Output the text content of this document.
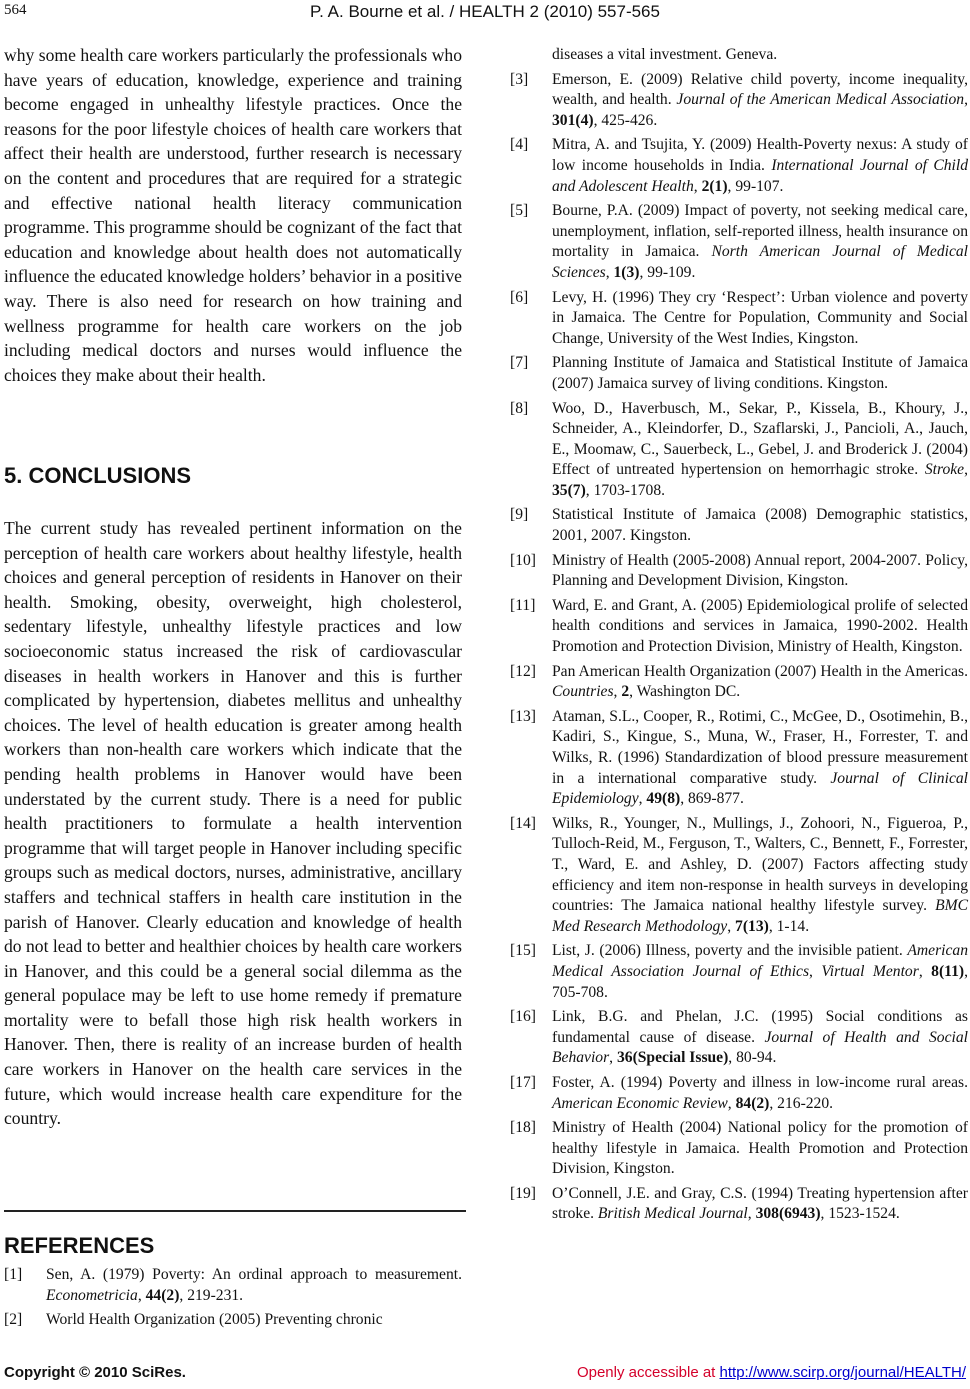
564	P. A. Bourne et al. / HEALTH 2 (2010) 557-565

why some health care workers particularly the professionals who have years of education, knowledge, experience and training become engaged in unhealthy lifestyle practices. Once the reasons for the poor lifestyle choices of health care workers that affect their health are understood, further research is necessary on the content and procedures that are required for a strategic and effective national health literacy communication programme. This programme should be cognizant of the fact that education and knowledge about health does not automatically influence the educated knowledge holders’ behavior in a positive way. There is also need for research on how training and wellness programme for health care workers on the job including medical doctors and nurses would influence the choices they make about their health.

5. CONCLUSIONS

The current study has revealed pertinent information on the perception of health care workers about healthy lifestyle, health choices and general perception of residents in Hanover on their health. Smoking, obesity, overweight, high cholesterol, sedentary lifestyle, unhealthy lifestyle practices and low socioeconomic status increased the risk of cardiovascular diseases in health workers in Hanover and this is further complicated by hypertension, diabetes mellitus and unhealthy choices. The level of health education is greater among health workers than non-health care workers which indicate that the pending health problems in Hanover would have been understated by the current study. There is a need for public health practitioners to formulate a health intervention programme that will target people in Hanover including specific groups such as medical doctors, nurses, administrative, ancillary staffers and technical staffers in health care institution in the parish of Hanover. Clearly education and knowledge of health do not lead to better and healthier choices by health care workers in Hanover, and this could be a general social dilemma as the general populace may be left to use home remedy if premature mortality were to befall those high risk health workers in Hanover. Then, there is reality of an increase burden of health care workers in Hanover on the health care services in the future, which would increase health care expenditure for the country.

REFERENCES
[1] Sen, A. (1979) Poverty: An ordinal approach to measurement. Econometricia, 44(2), 219-231.
[2] World Health Organization (2005) Preventing chronic
diseases a vital investment. Geneva.
[3] Emerson, E. (2009) Relative child poverty, income inequality, wealth, and health. Journal of the American Medical Association, 301(4), 425-426.
[4] Mitra, A. and Tsujita, Y. (2009) Health-Poverty nexus: A study of low income households in India. International Journal of Child and Adolescent Health, 2(1), 99-107.
[5] Bourne, P.A. (2009) Impact of poverty, not seeking medical care, unemployment, inflation, self-reported illness, health insurance on mortality in Jamaica. North American Journal of Medical Sciences, 1(3), 99-109.
[6] Levy, H. (1996) They cry ‘Respect’: Urban violence and poverty in Jamaica. The Centre for Population, Community and Social Change, University of the West Indies, Kingston.
[7] Planning Institute of Jamaica and Statistical Institute of Jamaica (2007) Jamaica survey of living conditions. Kingston.
[8] Woo, D., Haverbusch, M., Sekar, P., Kissela, B., Khoury, J., Schneider, A., Kleindorfer, D., Szaflarski, J., Pancioli, A., Jauch, E., Moomaw, C., Sauerbeck, L., Gebel, J. and Broderick J. (2004) Effect of untreated hypertension on hemorrhagic stroke. Stroke, 35(7), 1703-1708.
[9] Statistical Institute of Jamaica (2008) Demographic statistics, 2001, 2007. Kingston.
[10] Ministry of Health (2005-2008) Annual report, 2004-2007. Policy, Planning and Development Division, Kingston.
[11] Ward, E. and Grant, A. (2005) Epidemiological prolife of selected health conditions and services in Jamaica, 1990-2002. Health Promotion and Protection Division, Ministry of Health, Kingston.
[12] Pan American Health Organization (2007) Health in the Americas. Countries, 2, Washington DC.
[13] Ataman, S.L., Cooper, R., Rotimi, C., McGee, D., Osotimehin, B., Kadiri, S., Kingue, S., Muna, W., Fraser, H., Forrester, T. and Wilks, R. (1996) Standardization of blood pressure measurement in a international comparative study. Journal of Clinical Epidemiology, 49(8), 869-877.
[14] Wilks, R., Younger, N., Mullings, J., Zohoori, N., Figueroa, P., Tulloch-Reid, M., Ferguson, T., Walters, C., Bennett, F., Forrester, T., Ward, E. and Ashley, D. (2007) Factors affecting study efficiency and item non-response in health surveys in developing countries: The Jamaica national healthy lifestyle survey. BMC Med Research Methodology, 7(13), 1-14.
[15] List, J. (2006) Illness, poverty and the invisible patient. American Medical Association Journal of Ethics, Virtual Mentor, 8(11), 705-708.
[16] Link, B.G. and Phelan, J.C. (1995) Social conditions as fundamental cause of disease. Journal of Health and Social Behavior, 36(Special Issue), 80-94.
[17] Foster, A. (1994) Poverty and illness in low-income rural areas. American Economic Review, 84(2), 216-220.
[18] Ministry of Health (2004) National policy for the promotion of healthy lifestyle in Jamaica. Health Promotion and Protection Division, Kingston.
[19] O’Connell, J.E. and Gray, C.S. (1994) Treating hypertension after stroke. British Medical Journal, 308(6943), 1523-1524.
Copyright © 2010 SciRes.	Openly accessible at http://www.scirp.org/journal/HEALTH/
